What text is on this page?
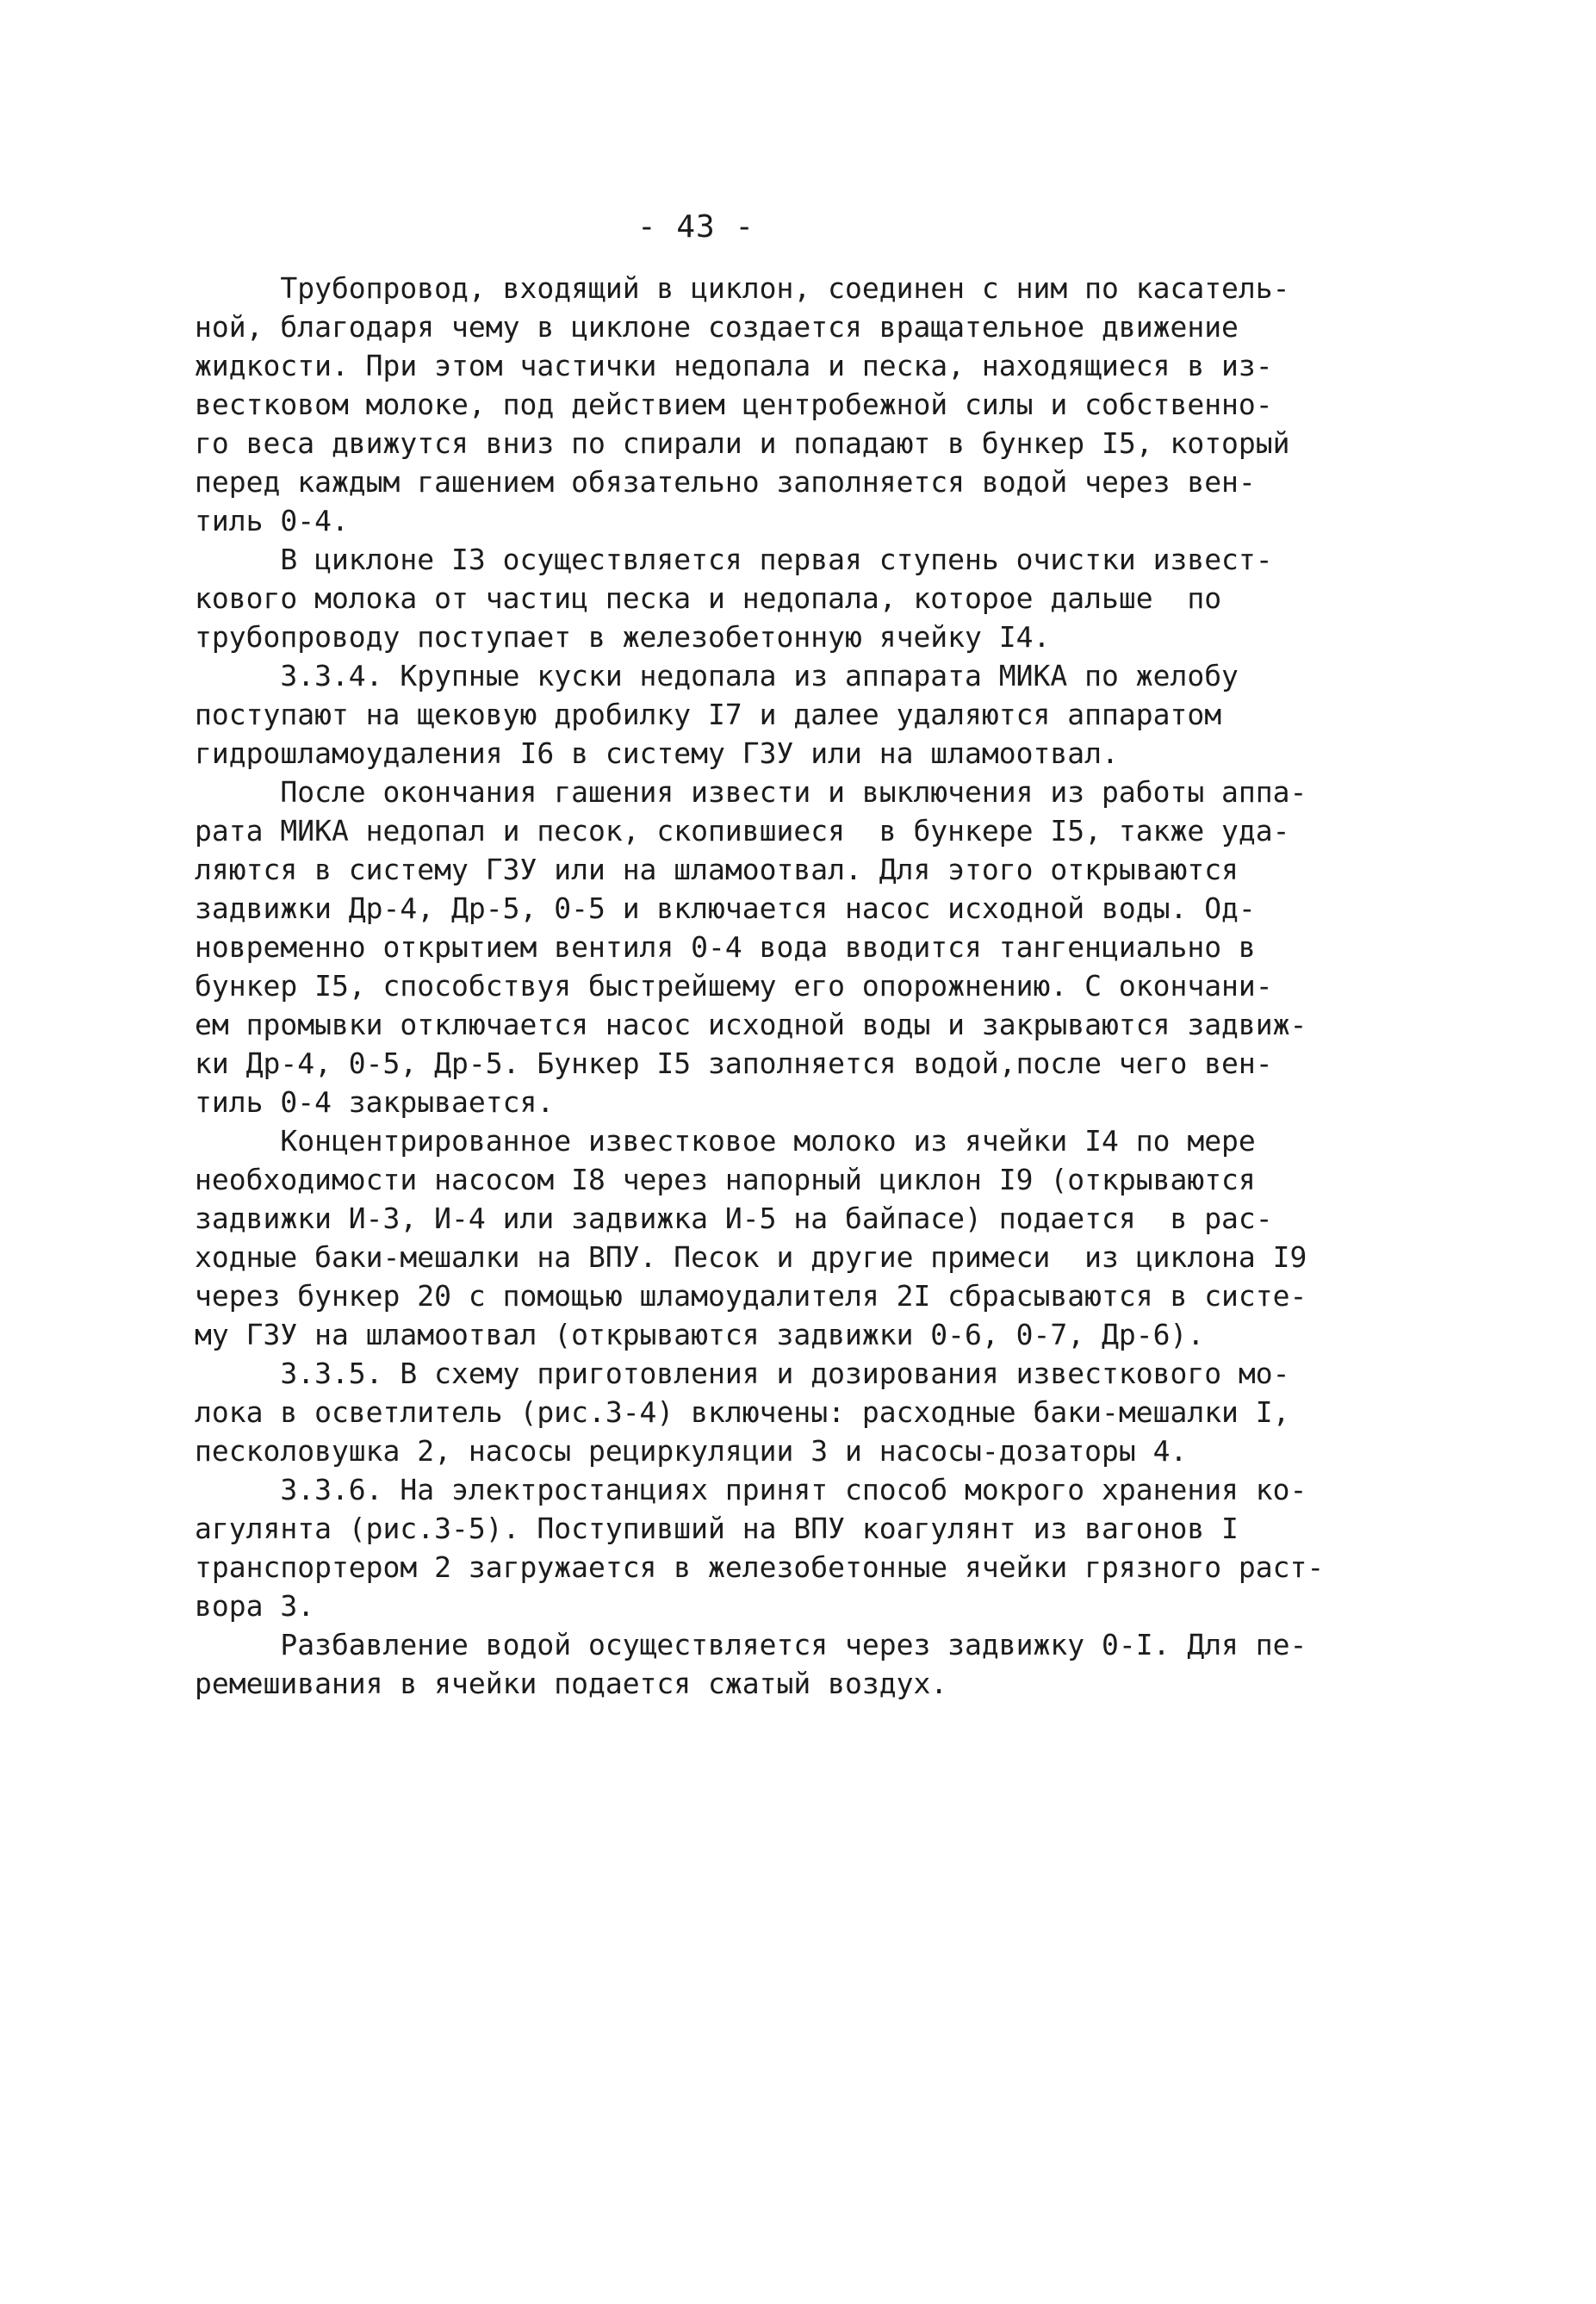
- 43 -
Трубопровод, входящий в циклон, соединен с ним по касатель-
ной, благодаря чему в циклоне создается вращательное движение
жидкости. При этом частички недопала и песка, находящиеся в из-
вестковом молоке, под действием центробежной силы и собственно-
го веса движутся вниз по спирали и попадают в бункер I5, который
перед каждым гашением обязательно заполняется водой через вен-
тиль 0-4.
В циклоне I3 осуществляется первая ступень очистки извест-
кового молока от частиц песка и недопала, которое дальше  по
трубопроводу поступает в железобетонную ячейку I4.
3.3.4. Крупные куски недопала из аппарата МИКА по желобу
поступают на щековую дробилку I7 и далее удаляются аппаратом
гидрошламоудаления I6 в систему ГЗУ или на шламоотвал.
После окончания гашения извести и выключения из работы аппа-
рата МИКА недопал и песок, скопившиеся  в бункере I5, также уда-
ляются в систему ГЗУ или на шламоотвал. Для этого открываются
задвижки Др-4, Др-5, 0-5 и включается насос исходной воды. Од-
новременно открытием вентиля 0-4 вода вводится тангенциально в
бункер I5, способствуя быстрейшему его опорожнению. С окончани-
ем промывки отключается насос исходной воды и закрываются задвиж-
ки Др-4, 0-5, Др-5. Бункер I5 заполняется водой,после чего вен-
тиль 0-4 закрывается.
Концентрированное известковое молоко из ячейки I4 по мере
необходимости насосом I8 через напорный циклон I9 (открываются
задвижки И-3, И-4 или задвижка И-5 на байпасе) подается  в рас-
ходные баки-мешалки на ВПУ. Песок и другие примеси  из циклона I9
через бункер 20 с помощью шламоудалителя 2I сбрасываются в систе-
му ГЗУ на шламоотвал (открываются задвижки 0-6, 0-7, Др-6).
3.3.5. В схему приготовления и дозирования известкового мо-
лока в осветлитель (рис.3-4) включены: расходные баки-мешалки I,
песколовушка 2, насосы рециркуляции 3 и насосы-дозаторы 4.
3.3.6. На электростанциях принят способ мокрого хранения ко-
агулянта (рис.3-5). Поступивший на ВПУ коагулянт из вагонов I
транспортером 2 загружается в железобетонные ячейки грязного раст-
вора 3.
Разбавление водой осуществляется через задвижку 0-I. Для пе-
ремешивания в ячейки подается сжатый воздух.
